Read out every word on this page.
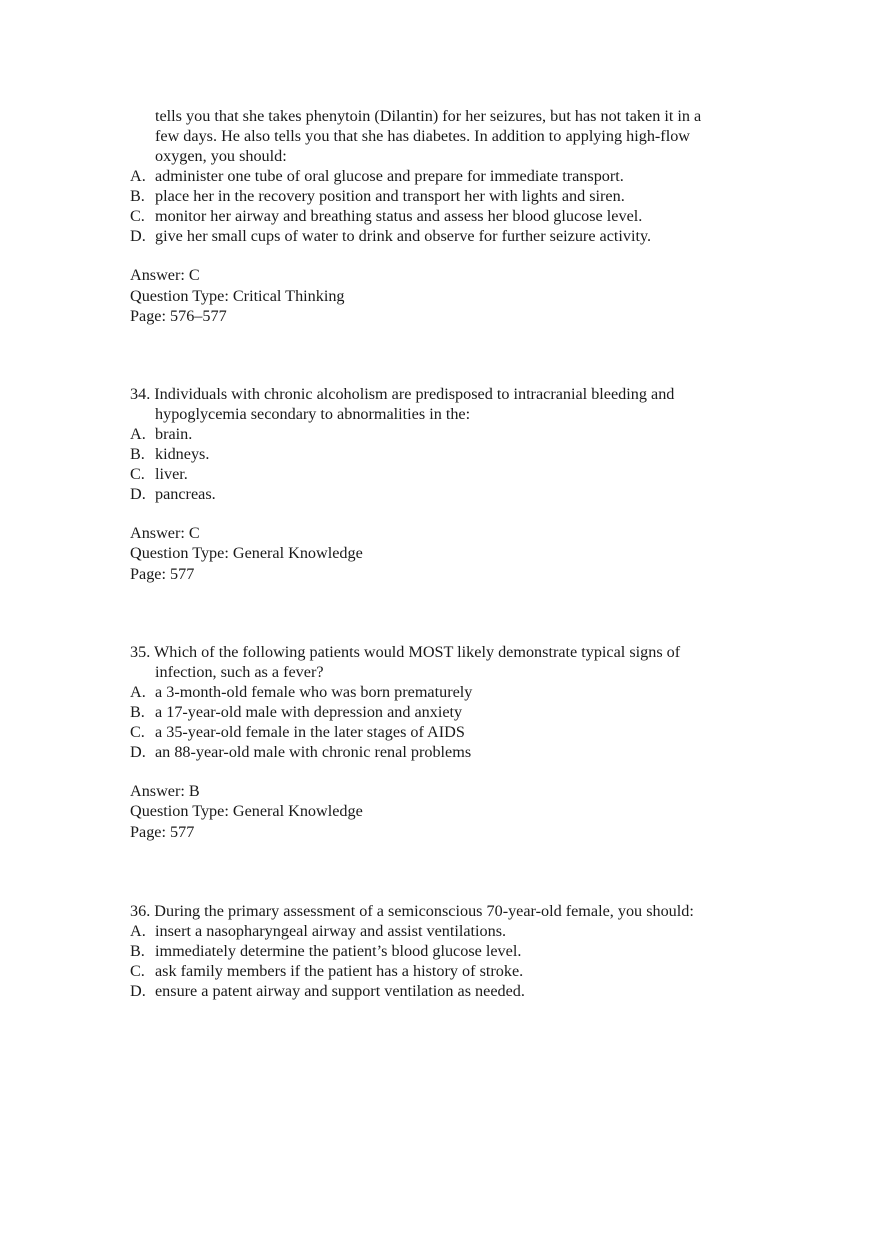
tells you that she takes phenytoin (Dilantin) for her seizures, but has not taken it in a
few days. He also tells you that she has diabetes. In addition to applying high-flow
oxygen, you should:
A. administer one tube of oral glucose and prepare for immediate transport.
B. place her in the recovery position and transport her with lights and siren.
C. monitor her airway and breathing status and assess her blood glucose level.
D. give her small cups of water to drink and observe for further seizure activity.
Answer: C
Question Type: Critical Thinking
Page: 576–577
34. Individuals with chronic alcoholism are predisposed to intracranial bleeding and
hypoglycemia secondary to abnormalities in the:
A. brain.
B. kidneys.
C. liver.
D. pancreas.
Answer: C
Question Type: General Knowledge
Page: 577
35. Which of the following patients would MOST likely demonstrate typical signs of
infection, such as a fever?
A. a 3-month-old female who was born prematurely
B. a 17-year-old male with depression and anxiety
C. a 35-year-old female in the later stages of AIDS
D. an 88-year-old male with chronic renal problems
Answer: B
Question Type: General Knowledge
Page: 577
36. During the primary assessment of a semiconscious 70-year-old female, you should:
A. insert a nasopharyngeal airway and assist ventilations.
B. immediately determine the patient’s blood glucose level.
C. ask family members if the patient has a history of stroke.
D. ensure a patent airway and support ventilation as needed.
